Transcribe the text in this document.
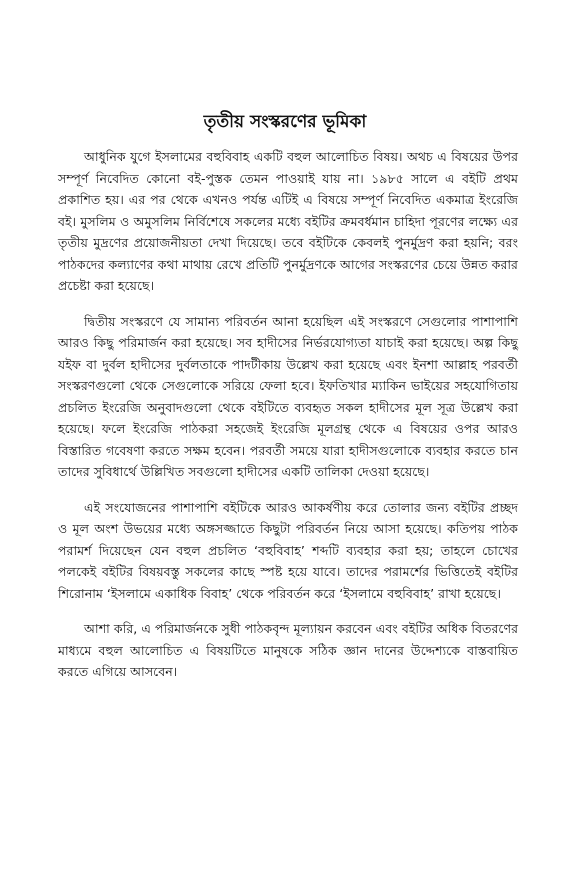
তৃতীয় সংস্করণের ভূমিকা

আধুনিক যুগে ইসলামের বহুবিবাহ একটি বহুল আলোচিত বিষয়। অথচ এ বিষয়ের উপর সম্পূর্ণ নিবেদিত কোনো বই-পুস্তক তেমন পাওয়াই যায় না। ১৯৮৫ সালে এ বইটি প্রথম প্রকাশিত হয়। এর পর থেকে এখনও পর্যন্ত এটিই এ বিষয়ে সম্পূর্ণ নিবেদিত একমাত্র ইংরেজি বই। মুসলিম ও অমুসলিম নির্বিশেষে সকলের মধ্যে বইটির ক্রমবর্ধমান চাহিদা পূরণের লক্ষ্যে এর তৃতীয় মুদ্রণের প্রয়োজনীয়তা দেখা দিয়েছে। তবে বইটিকে কেবলই পুনর্মুদ্রণ করা হয়নি; বরং পাঠকদের কল্যাণের কথা মাথায় রেখে প্রতিটি পুনর্মুদ্রণকে আগের সংস্করণের চেয়ে উন্নত করার প্রচেষ্টা করা হয়েছে।

দ্বিতীয় সংস্করণে যে সামান্য পরিবর্তন আনা হয়েছিল এই সংস্করণে সেগুলোর পাশাপাশি আরও কিছু পরিমার্জন করা হয়েছে। সব হাদীসের নির্ভরযোগ্যতা যাচাই করা হয়েছে। অল্প কিছু যইফ বা দুর্বল হাদীসের দুর্বলতাকে পাদটীকায় উল্লেখ করা হয়েছে এবং ইনশা আল্লাহ পরবর্তী সংস্করণগুলো থেকে সেগুলোকে সরিয়ে ফেলা হবে। ইফতিখার ম্যাকিন ভাইয়ের সহযোগিতায় প্রচলিত ইংরেজি অনুবাদগুলো থেকে বইটিতে ব্যবহৃত সকল হাদীসের মূল সূত্র উল্লেখ করা হয়েছে। ফলে ইংরেজি পাঠকরা সহজেই ইংরেজি মূলগ্রন্থ থেকে এ বিষয়ের ওপর আরও বিস্তারিত গবেষণা করতে সক্ষম হবেন। পরবর্তী সময়ে যারা হাদীসগুলোকে ব্যবহার করতে চান তাদের সুবিধার্থে উল্লিখিত সবগুলো হাদীসের একটি তালিকা দেওয়া হয়েছে।

এই সংযোজনের পাশাপাশি বইটিকে আরও আকর্ষণীয় করে তোলার জন্য বইটির প্রচ্ছদ ও মূল অংশ উভয়ের মধ্যে অঙ্গসজ্জাতে কিছুটা পরিবর্তন নিয়ে আসা হয়েছে। কতিপয় পাঠক পরামর্শ দিয়েছেন যেন বহুল প্রচলিত ‘বহুবিবাহ’ শব্দটি ব্যবহার করা হয়; তাহলে চোখের পলকেই বইটির বিষয়বস্তু সকলের কাছে স্পষ্ট হয়ে যাবে। তাদের পরামর্শের ভিত্তিতেই বইটির শিরোনাম ‘ইসলামে একাধিক বিবাহ’ থেকে পরিবর্তন করে ‘ইসলামে বহুবিবাহ’ রাখা হয়েছে।

আশা করি, এ পরিমার্জনকে সুধী পাঠকবৃন্দ মূল্যায়ন করবেন এবং বইটির অধিক বিতরণের মাধ্যমে বহুল আলোচিত এ বিষয়টিতে মানুষকে সঠিক জ্ঞান দানের উদ্দেশ্যকে বাস্তবায়িত করতে এগিয়ে আসবেন।
